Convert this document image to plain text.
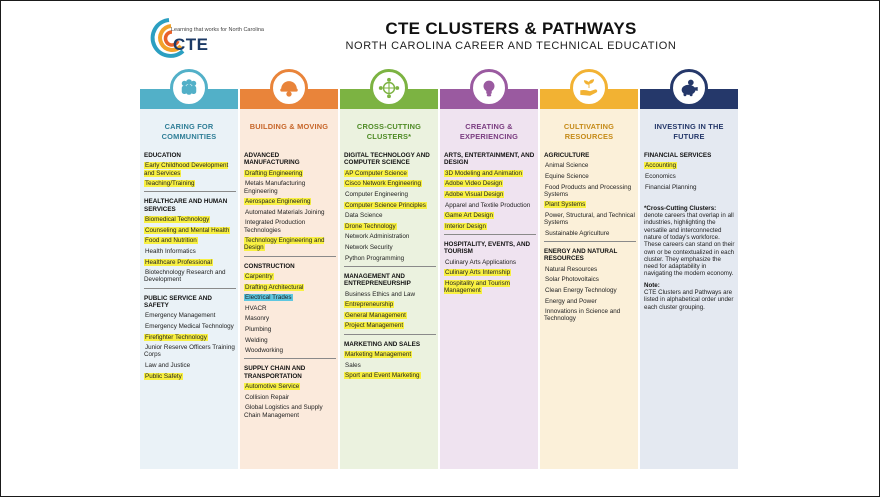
Learning that works for North Carolina
CTE
CTE CLUSTERS & PATHWAYS
NORTH CAROLINA CAREER AND TECHNICAL EDUCATION
CARING FOR COMMUNITIES
EDUCATION
Early Childhood Development and Services
Teaching/Training
HEALTHCARE AND HUMAN SERVICES
Biomedical Technology
Counseling and Mental Health
Food and Nutrition
Health Informatics
Healthcare Professional
Biotechnology Research and Development
PUBLIC SERVICE AND SAFETY
Emergency Management
Emergency Medical Technology
Firefighter Technology
Junior Reserve Officers Training Corps
Law and Justice
Public Safety
BUILDING & MOVING
ADVANCED MANUFACTURING
Drafting Engineering
Metals Manufacturing Engineering
Aerospace Engineering
Automated Materials Joining
Integrated Production Technologies
Technology Engineering and Design
CONSTRUCTION
Carpentry
Drafting Architectural
Electrical Trades
HVACR
Masonry
Plumbing
Welding
Woodworking
SUPPLY CHAIN AND TRANSPORTATION
Automotive Service
Collision Repair
Global Logistics and Supply Chain Management
CROSS-CUTTING CLUSTERS*
DIGITAL TECHNOLOGY AND COMPUTER SCIENCE
AP Computer Science
Cisco Network Engineering
Computer Engineering
Computer Science Principles
Data Science
Drone Technology
Network Administration
Network Security
Python Programming
MANAGEMENT AND ENTREPRENEURSHIP
Business Ethics and Law
Entrepreneurship
General Management
Project Management
MARKETING AND SALES
Marketing Management
Sales
Sport and Event Marketing
CREATING & EXPERIENCING
ARTS, ENTERTAINMENT, AND DESIGN
3D Modeling and Animation
Adobe Video Design
Adobe Visual Design
Apparel and Textile Production
Game Art Design
Interior Design
HOSPITALITY, EVENTS, AND TOURISM
Culinary Arts Applications
Culinary Arts Internship
Hospitality and Tourism Management
CULTIVATING RESOURCES
AGRICULTURE
Animal Science
Equine Science
Food Products and Processing Systems
Plant Systems
Power, Structural, and Technical Systems
Sustainable Agriculture
ENERGY AND NATURAL RESOURCES
Natural Resources
Solar Photovoltaics
Clean Energy Technology
Energy and Power
Innovations in Science and Technology
INVESTING IN THE FUTURE
FINANCIAL SERVICES
Accounting
Economics
Financial Planning
*Cross-Cutting Clusters:
denote careers that overlap in all industries, highlighting the versatile and interconnected nature of today's workforce. These careers can stand on their own or be contextualized in each cluster. They emphasize the need for adaptability in navigating the modern economy.
Note:
CTE Clusters and Pathways are listed in alphabetical order under each cluster grouping.
